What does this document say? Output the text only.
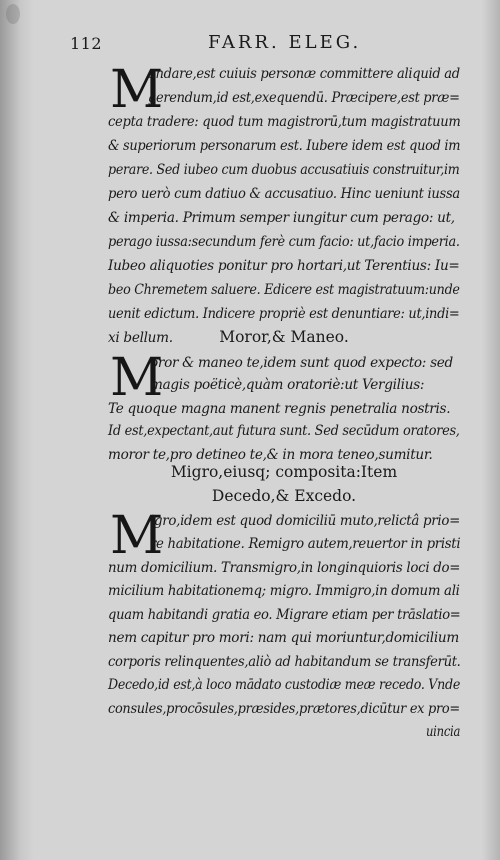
112	FARR. ELEG.
M
andare,est cuiuis personæ committere aliquid ad
gerendum,id est,exequendū. Præcipere,est præ=
cepta tradere: quod tum magistrorū,tum magistratuum
& superiorum personarum est. Iubere idem est quod im
perare. Sed iubeo cum duobus accusatiuis construitur,im
pero uerò cum datiuo & accusatiuo. Hinc ueniunt iussa
& imperia. Primum semper iungitur cum perago: ut,
perago iussa:secundum ferè cum facio: ut,facio imperia.
Iubeo aliquoties ponitur pro hortari,ut Terentius: Iu=
beo Chremetem saluere. Edicere est magistratuum:unde
uenit edictum. Indicere propriè est denuntiare: ut,indi=
xi bellum.	Moror,& Maneo.
M
oror & maneo te,idem sunt quod expecto: sed
magis poëticè,quàm oratoriè:ut Vergilius:
Te quoque magna manent regnis penetralia nostris.
Id est,expectant,aut futura sunt. Sed secūdum oratores,
moror te,pro detineo te,& in mora teneo,sumitur.
Migro,eiusq; composita:Item
Decedo,& Excedo.
M
igro,idem est quod domiciliū muto,relictâ prio=
re habitatione. Remigro autem,reuertor in pristi
num domicilium. Transmigro,in longinquioris loci do=
micilium habitationemq; migro. Immigro,in domum ali
quam habitandi gratia eo. Migrare etiam per trāslatio=
nem capitur pro mori: nam qui moriuntur,domicilium
corporis relinquentes,aliò ad habitandum se transferūt.
Decedo,id est,à loco mādato custodiæ meæ recedo. Vnde
consules,procōsules,præsides,prætores,dicūtur ex pro=
uincia
